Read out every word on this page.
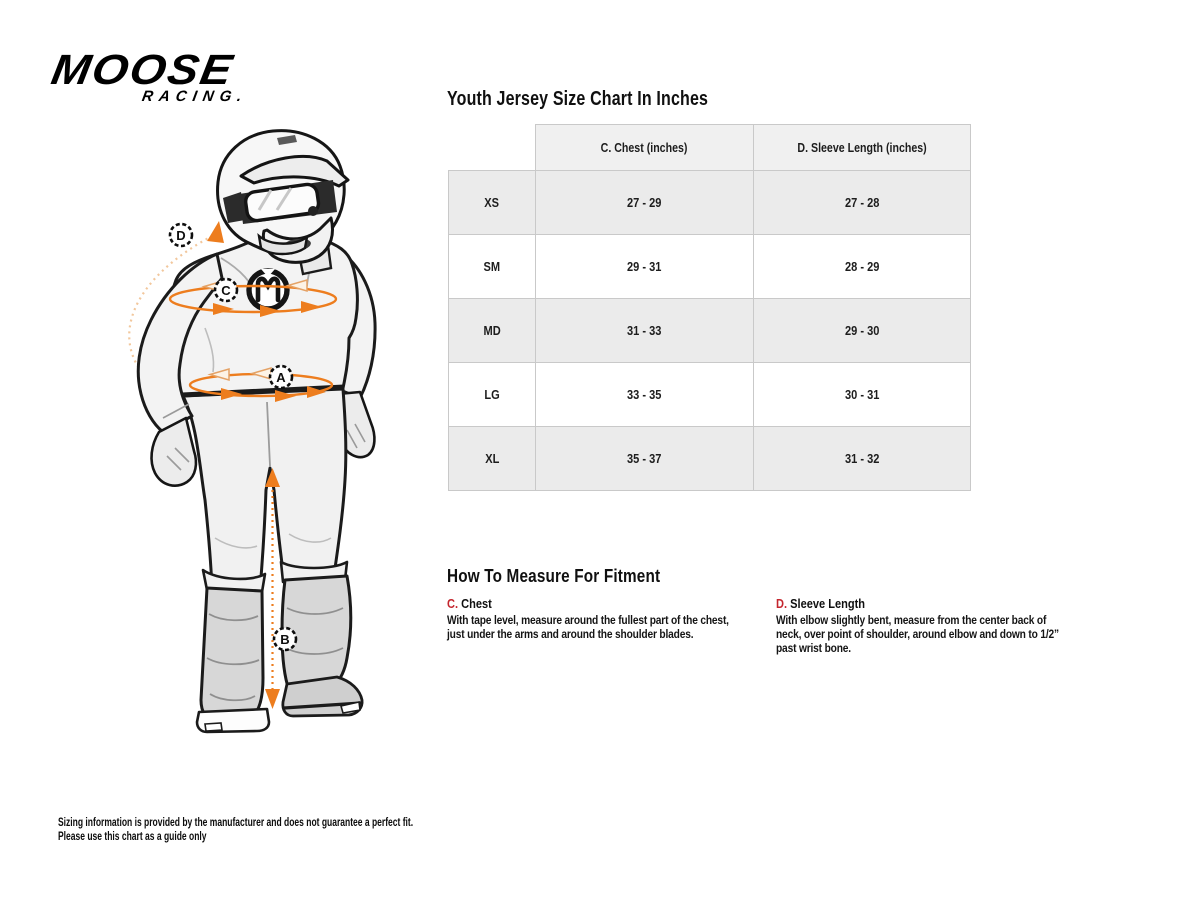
MOOSE
RACING.
A
B
C
D
Youth Jersey Size Chart In Inches
	C. Chest (inches)	D. Sleeve Length (inches)
XS	27 - 29	27 - 28
SM	29 - 31	28 - 29
MD	31 - 33	29 - 30
LG	33 - 35	30 - 31
XL	35 - 37	31 - 32
How To Measure For Fitment
C. Chest
With tape level, measure around the fullest part of the chest,
just under the arms and around the shoulder blades.
D. Sleeve Length
With elbow slightly bent, measure from the center back of
neck, over point of shoulder, around elbow and down to 1/2”
past wrist bone.
Sizing information is provided by the manufacturer and does not guarantee a perfect fit.
Please use this chart as a guide only
